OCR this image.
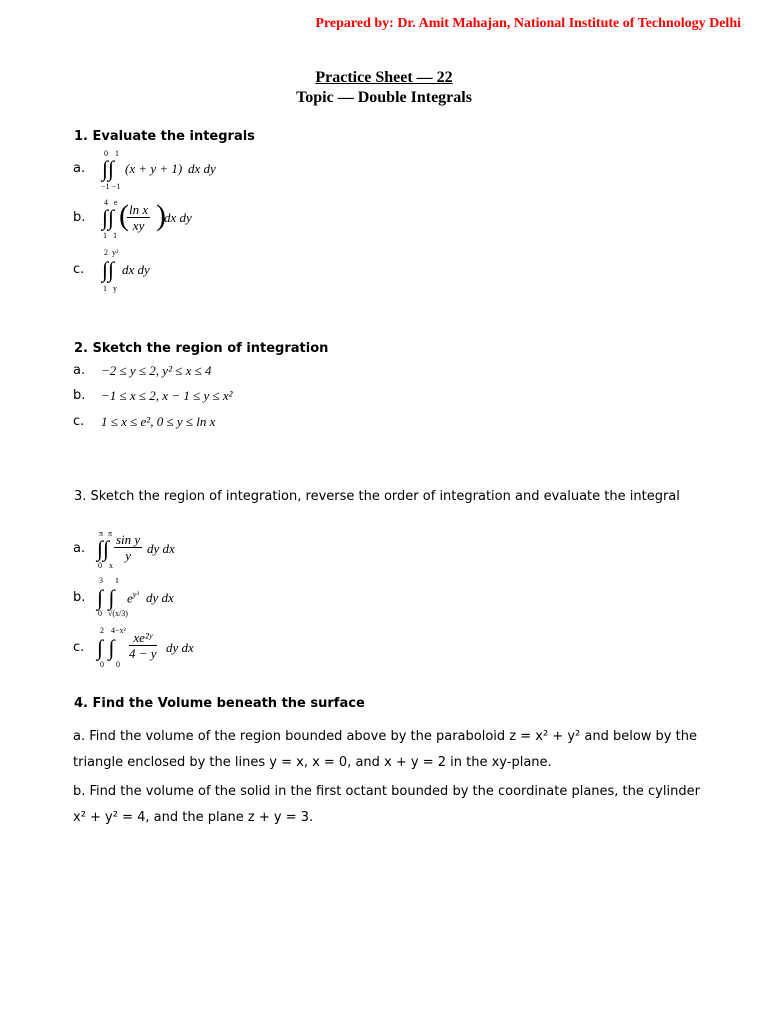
Prepared by: Dr. Amit Mahajan, National Institute of Technology Delhi
Practice Sheet — 22
Topic — Double Integrals
1. Evaluate the integrals
a.
0 1
∫∫
−1 −1
(x + y + 1) dx dy
b.
4 e
∫∫
1 1
(
$\frac{\text{ln x}}{xy}$ )
dx dy
c.
2 y²
∫∫
1 y
dx dy
2. Sketch the region of integration
a. −2 ≤ y ≤ 2, y² ≤ x ≤ 4
b. −1 ≤ x ≤ 2, x − 1 ≤ y ≤ x²
c. 1 ≤ x ≤ e², 0 ≤ y ≤ ln x
3. Sketch the region of integration, reverse the order of integration and evaluate the integral
a.
π π
∫∫
0 x
$\frac{\text{sin y}}{y}$ dy dx
b.
3 1
∫ ∫
0 √(x/3)
$e^{y^3}$ dy dx
c.
2 4−x²
∫ ∫
0 0
$\frac{\text{xe²ʸ}}{4 - y}$ dy dx
4. Find the Volume beneath the surface
a. Find the volume of the region bounded above by the paraboloid z = x² + y² and below by the triangle enclosed by the lines y = x, x = 0, and x + y = 2 in the xy-plane.
b. Find the volume of the solid in the first octant bounded by the coordinate planes, the cylinder x² + y² = 4, and the plane z + y = 3.
